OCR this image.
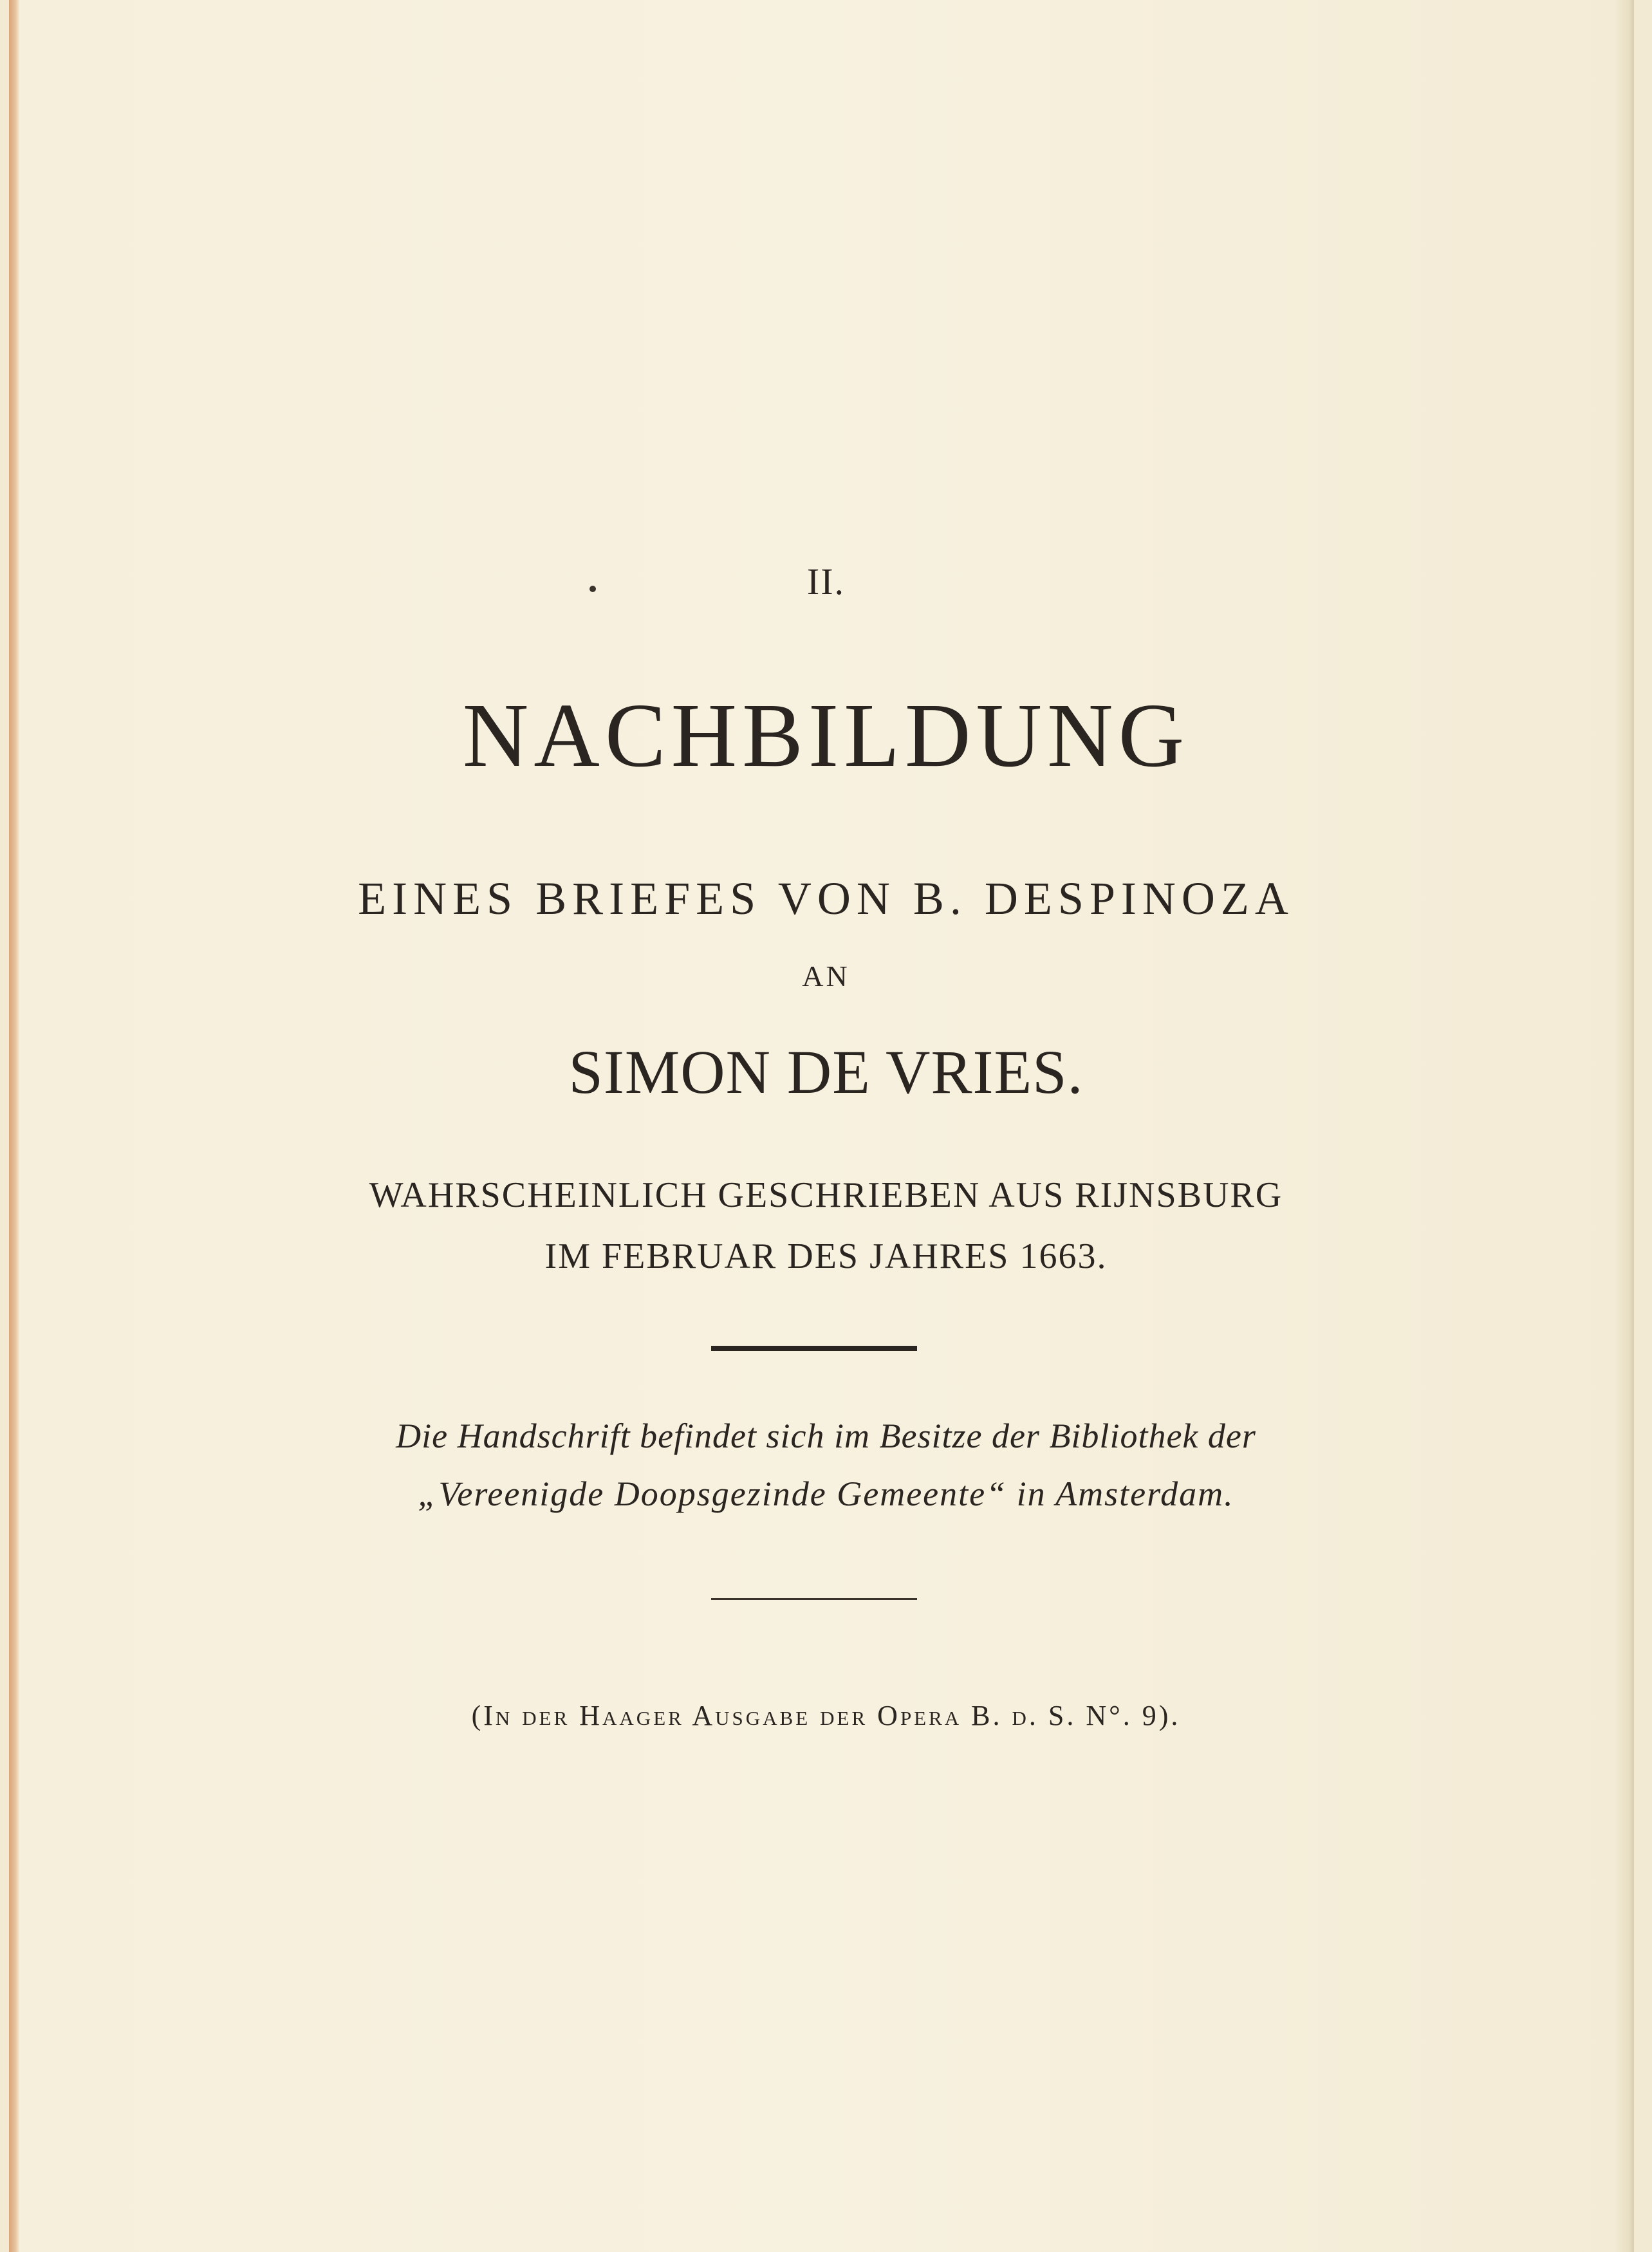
II.
NACHBILDUNG
EINES BRIEFES VON B. DESPINOZA
AN
SIMON DE VRIES.
WAHRSCHEINLICH GESCHRIEBEN AUS RIJNSBURG
IM FEBRUAR DES JAHRES 1663.
Die Handschrift befindet sich im Besitze der Bibliothek der
„Vereenigde Doopsgezinde Gemeente“ in Amsterdam.
(In der Haager Ausgabe der Opera B. d. S. N°. 9).
